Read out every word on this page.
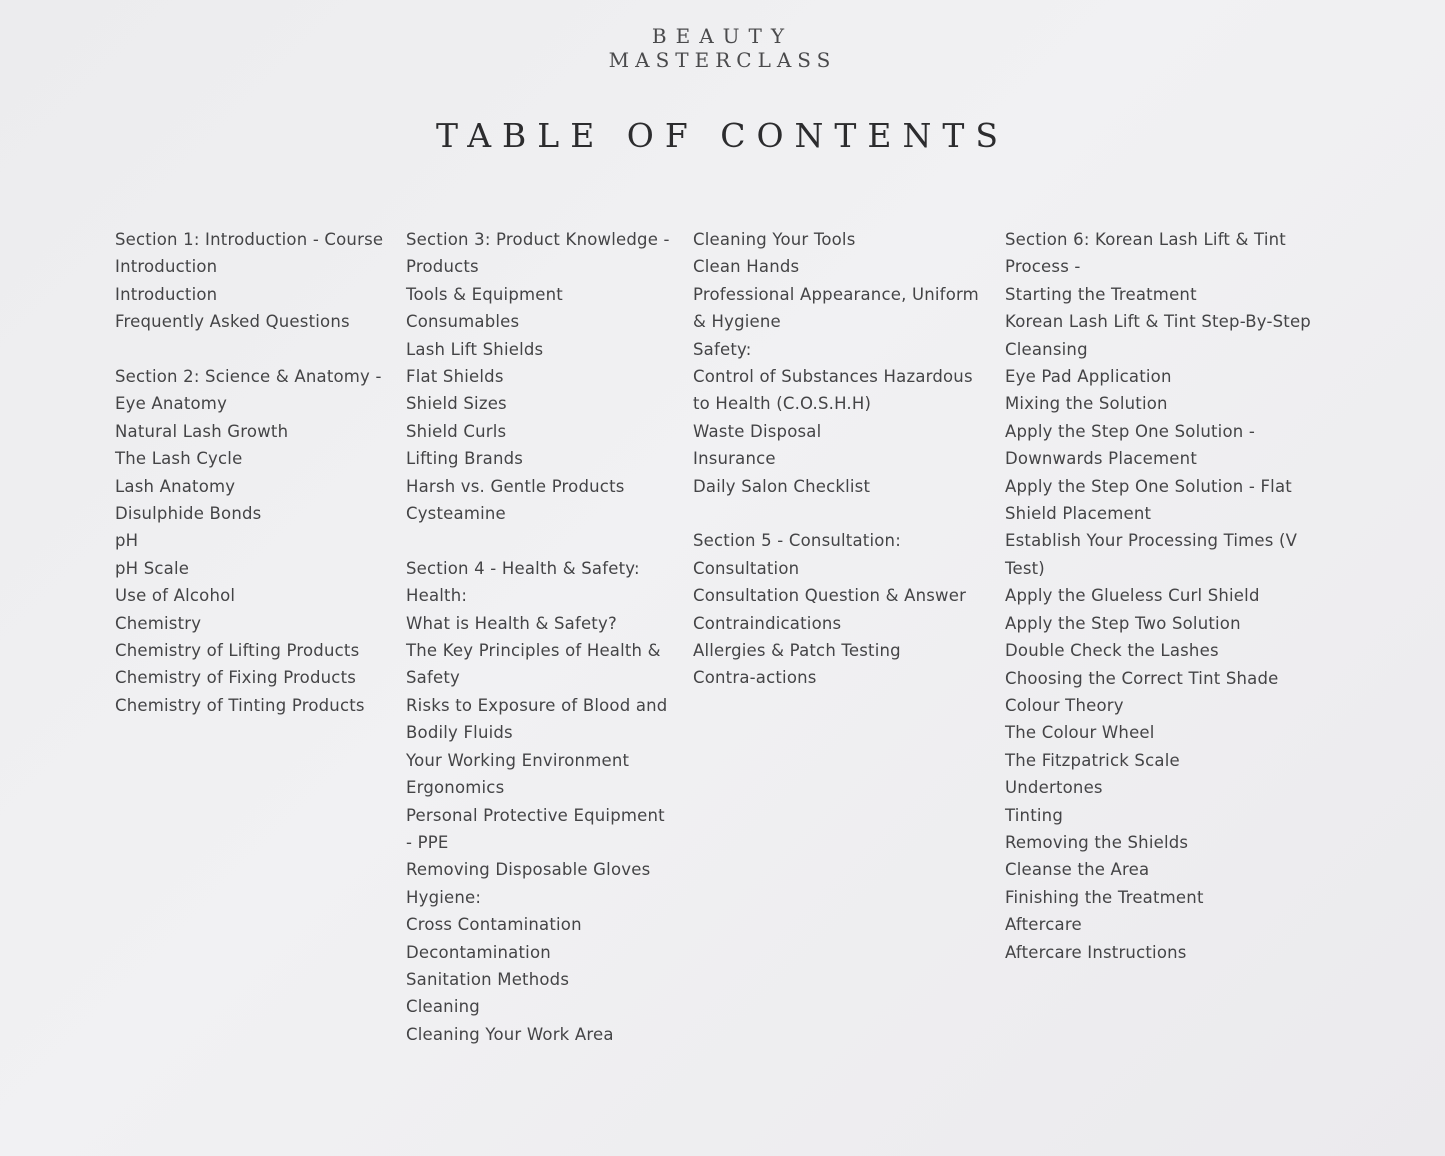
BEAUTY
MASTERCLASS
TABLE OF CONTENTS
Section 1: Introduction - Course Introduction
Introduction
Frequently Asked Questions
Section 2: Science & Anatomy - Eye Anatomy
Natural Lash Growth
The Lash Cycle
Lash Anatomy
Disulphide Bonds
pH
pH Scale
Use of Alcohol
Chemistry
Chemistry of Lifting Products
Chemistry of Fixing Products
Chemistry of Tinting Products
Section 3: Product Knowledge - Products
Tools & Equipment
Consumables
Lash Lift Shields
Flat Shields
Shield Sizes
Shield Curls
Lifting Brands
Harsh vs. Gentle Products
Cysteamine
Section 4 - Health & Safety: Health:
What is Health & Safety?
The Key Principles of Health & Safety
Risks to Exposure of Blood and Bodily Fluids
Your Working Environment
Ergonomics
Personal Protective Equipment - PPE
Removing Disposable Gloves
Hygiene:
Cross Contamination
Decontamination
Sanitation Methods
Cleaning
Cleaning Your Work Area
Cleaning Your Tools
Clean Hands
Professional Appearance, Uniform & Hygiene
Safety:
Control of Substances Hazardous to Health (C.O.S.H.H)
Waste Disposal
Insurance
Daily Salon Checklist
Section 5 - Consultation: Consultation
Consultation Question & Answer
Contraindications
Allergies & Patch Testing
Contra-actions
Section 6: Korean Lash Lift & Tint Process -
Starting the Treatment
Korean Lash Lift & Tint Step-By-Step
Cleansing
Eye Pad Application
Mixing the Solution
Apply the Step One Solution - Downwards Placement
Apply the Step One Solution - Flat Shield Placement
Establish Your Processing Times (V Test)
Apply the Glueless Curl Shield
Apply the Step Two Solution
Double Check the Lashes
Choosing the Correct Tint Shade
Colour Theory
The Colour Wheel
The Fitzpatrick Scale
Undertones
Tinting
Removing the Shields
Cleanse the Area
Finishing the Treatment
Aftercare
Aftercare Instructions
